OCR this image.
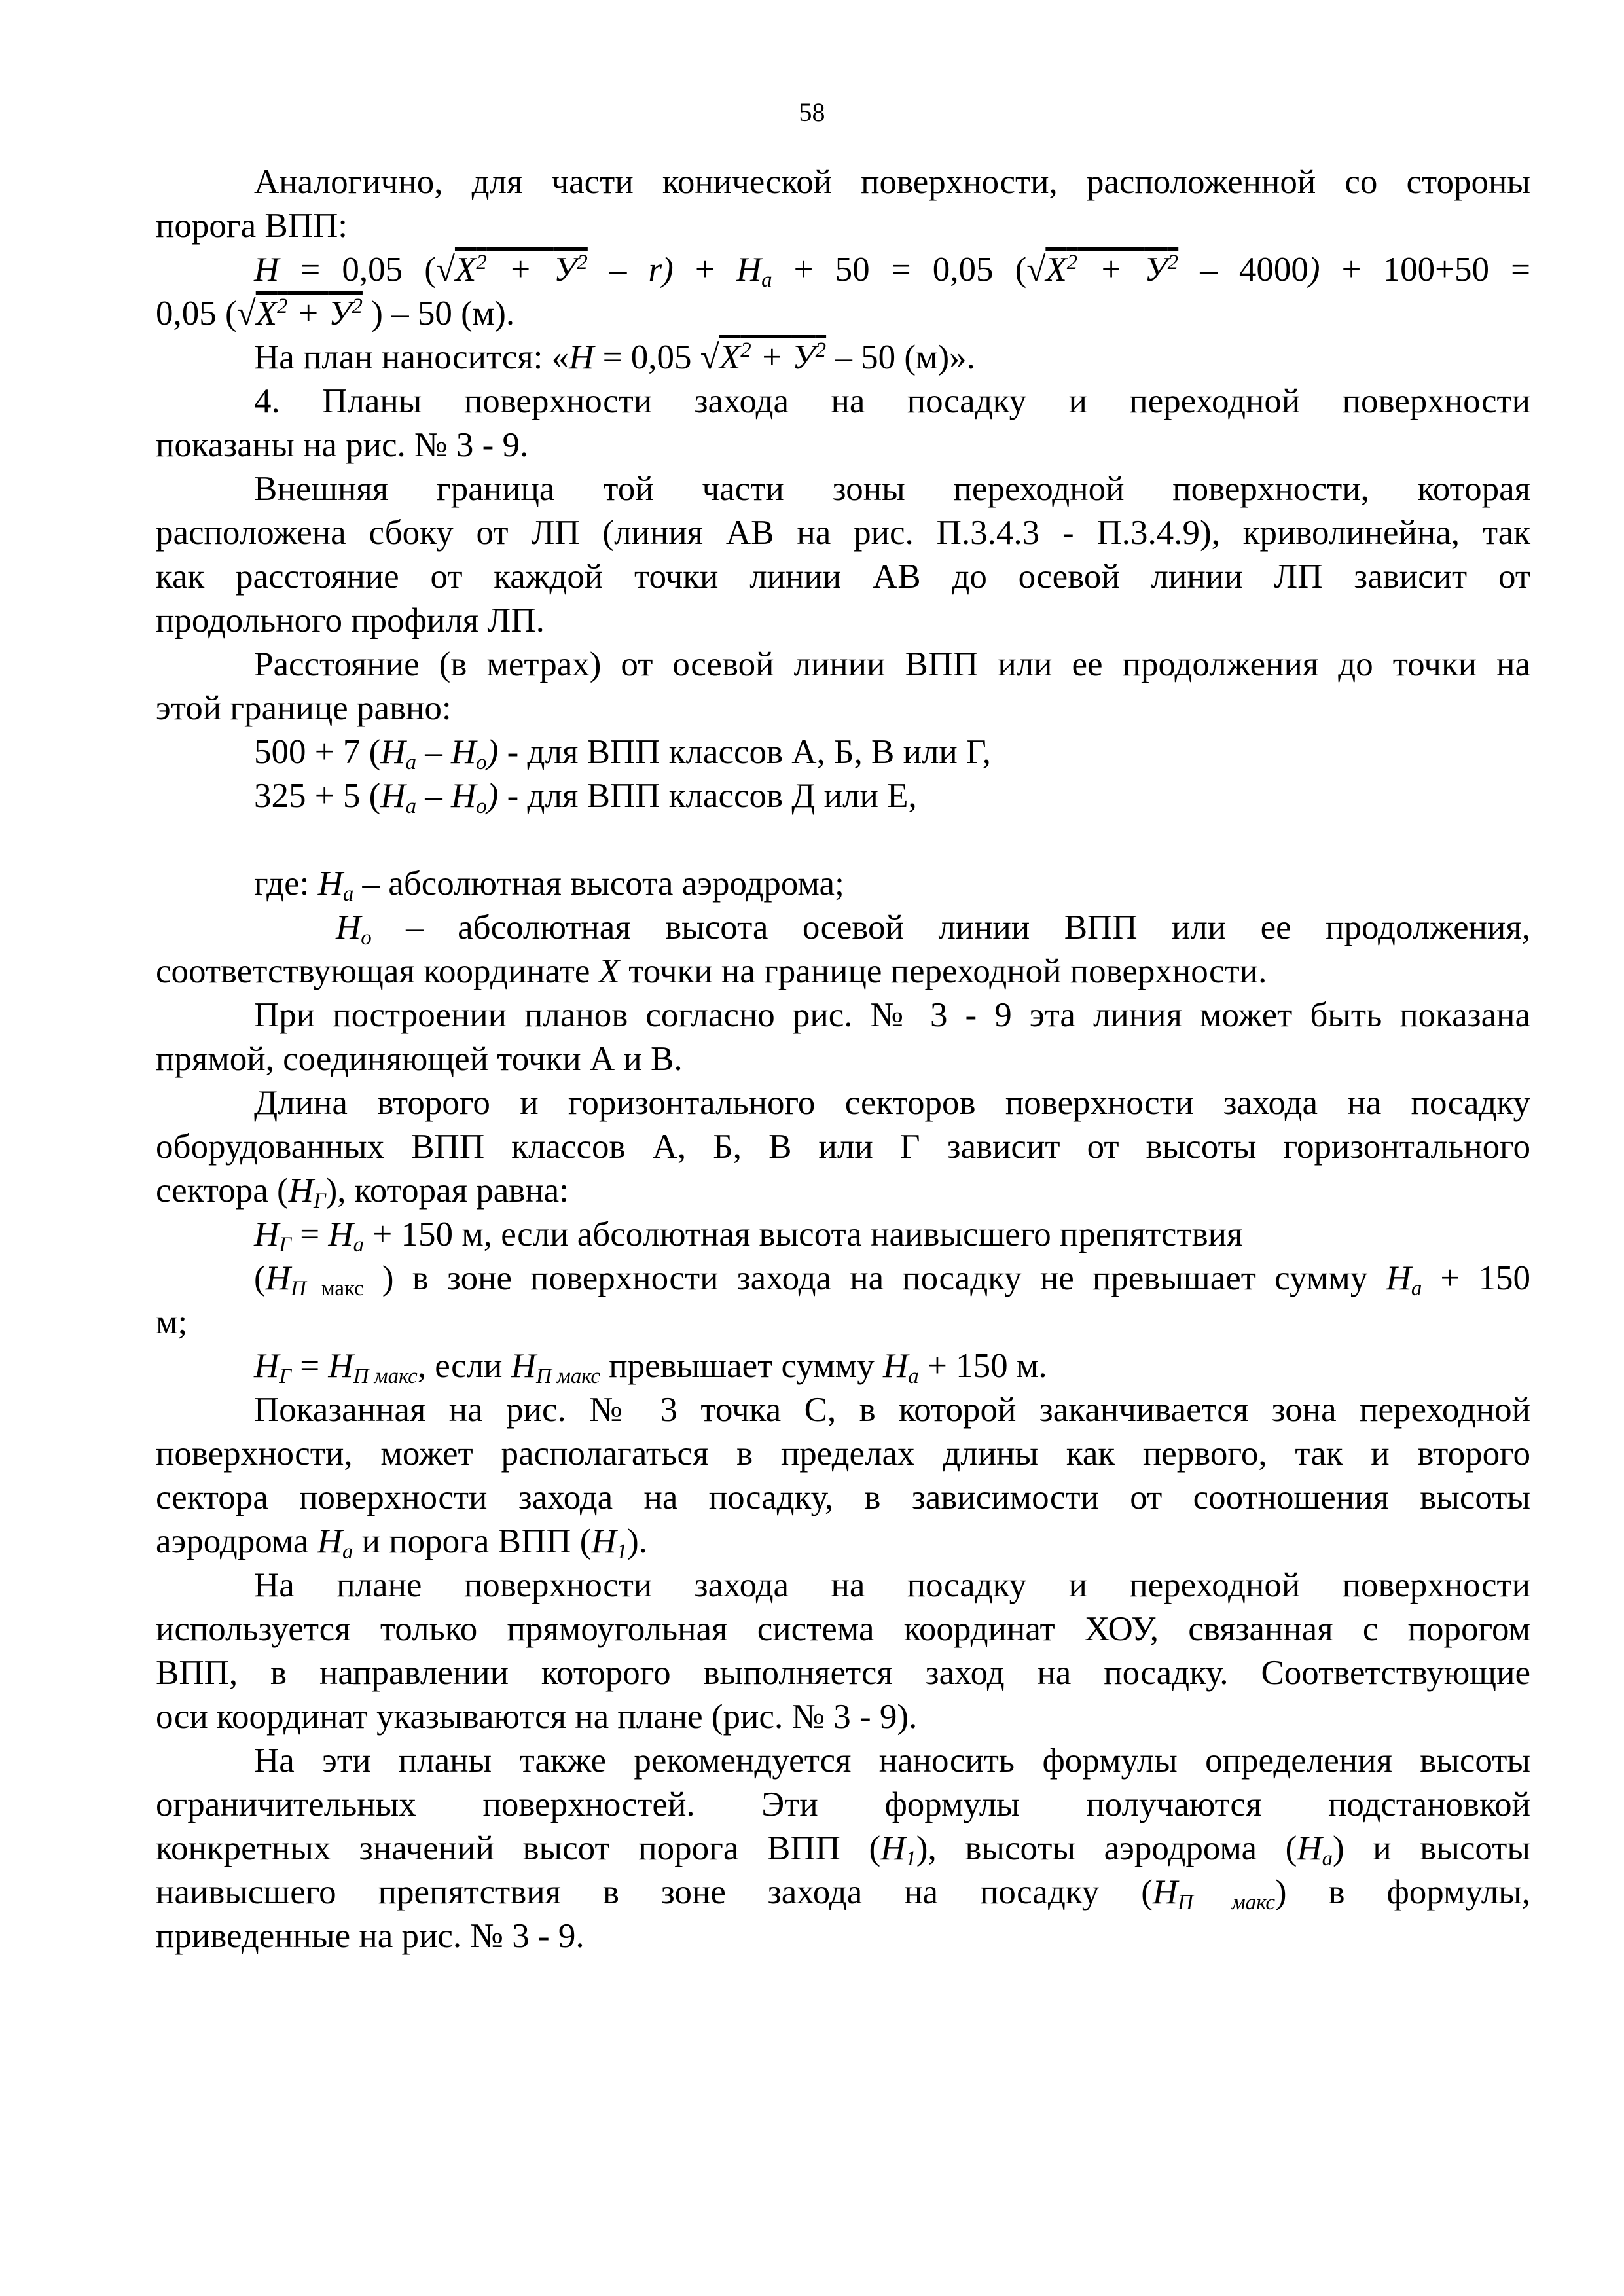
58
Аналогично, для части конической поверхности, расположенной со стороны
порога ВПП:
Н = 0,05 $(√Х^2 + У^2 - r) + Н_а + 50 = 0,05$ $(√Х^2 + У^2 - 4000) + 100+50$ =
0,05 ($√Х^2 + У^2$ ) – 50 (м).
На план наносится: «Н = 0,05 $√Х^2 + У^2 - 50$ (м)».
4. Планы поверхности захода на посадку и переходной поверхности
показаны на рис. № 3 - 9.
Внешняя граница той части зоны переходной поверхности, которая
расположена сбоку от ЛП (линия АВ на рис. П.3.4.3 - П.3.4.9), криволинейна, так
как расстояние от каждой точки линии АВ до осевой линии ЛП зависит от
продольного профиля ЛП.
Расстояние (в метрах) от осевой линии ВПП или ее продолжения до точки на
этой границе равно:
500 + 7 $(Н_а - Н_о)$ - для ВПП классов А, Б, В или Г,
325 + 5 $(Н_а - Н_о)$ - для ВПП классов Д или Е,
где: $Н_а$ – абсолютная высота аэродрома;
$Н_о$ – абсолютная высота осевой линии ВПП или ее продолжения,
соответствующая координате Х точки на границе переходной поверхности.
При построении планов согласно рис. № 3 - 9 эта линия может быть показана
прямой, соединяющей точки А и В.
Длина второго и горизонтального секторов поверхности захода на посадку
оборудованных ВПП классов А, Б, В или Г зависит от высоты горизонтального
сектора $(Н_Г)$, которая равна:
$Н_Г = Н_а + 150$ м, если абсолютная высота наивысшего препятствия
($Н_П$ $_{макс}$ ) в зоне поверхности захода на посадку не превышает сумму $Н_а + 150$
м;
$Н_Г = Н_{П макс}$, если $Н_{П макс}$ превышает сумму $Н_а + 150$ м.
Показанная на рис. № 3 точка С, в которой заканчивается зона переходной
поверхности, может располагаться в пределах длины как первого, так и второго
сектора поверхности захода на посадку, в зависимости от соотношения высоты
аэродрома $Н_а$ и порога ВПП $(Н_1)$.
На плане поверхности захода на посадку и переходной поверхности
используется только прямоугольная система координат ХОУ, связанная с порогом
ВПП, в направлении которого выполняется заход на посадку. Соответствующие
оси координат указываются на плане (рис. № 3 - 9).
На эти планы также рекомендуется наносить формулы определения высоты
ограничительных поверхностей. Эти формулы получаются подстановкой
конкретных значений высот порога ВПП $(Н_1)$, высоты аэродрома $(Н_а)$ и высоты
наивысшего препятствия в зоне захода на посадку $(Н_{П макс})$ в формулы,
приведенные на рис. № 3 - 9.
